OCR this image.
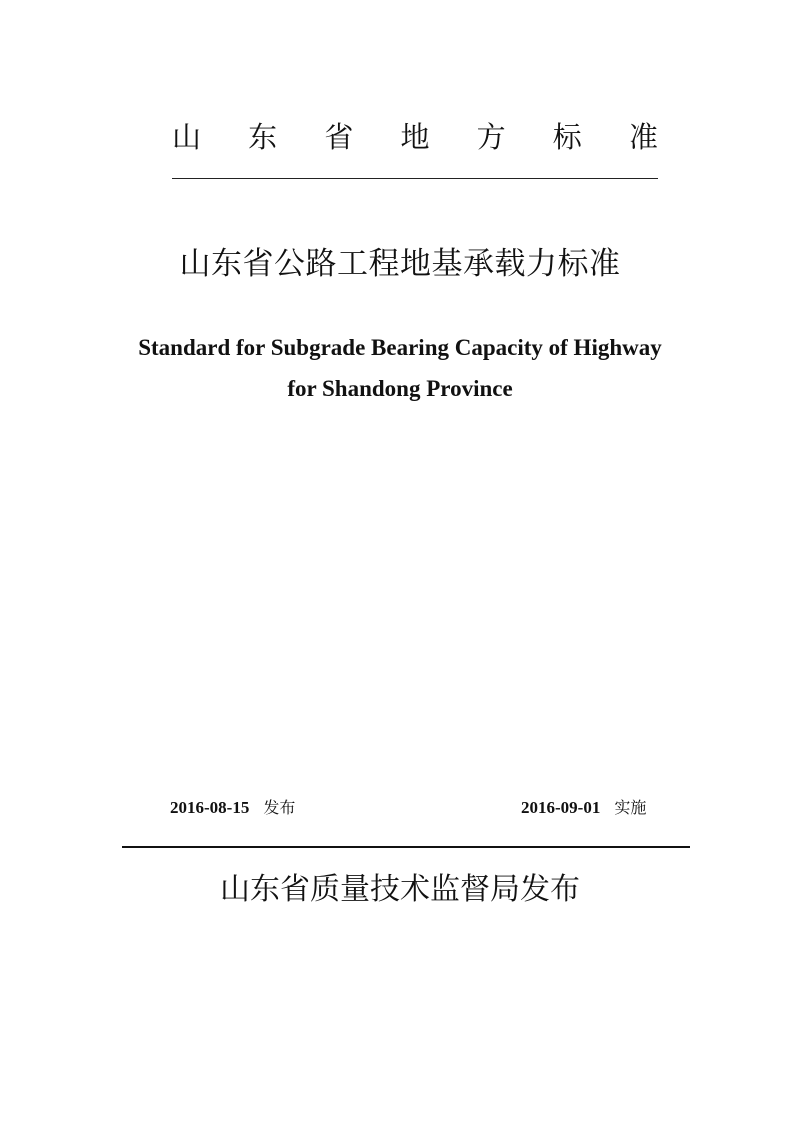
山 东 省 地 方 标 准
山东省公路工程地基承载力标准
Standard for Subgrade Bearing Capacity of Highway
for Shandong Province
2016-08-15 发布	2016-09-01 实施
山东省质量技术监督局发布
